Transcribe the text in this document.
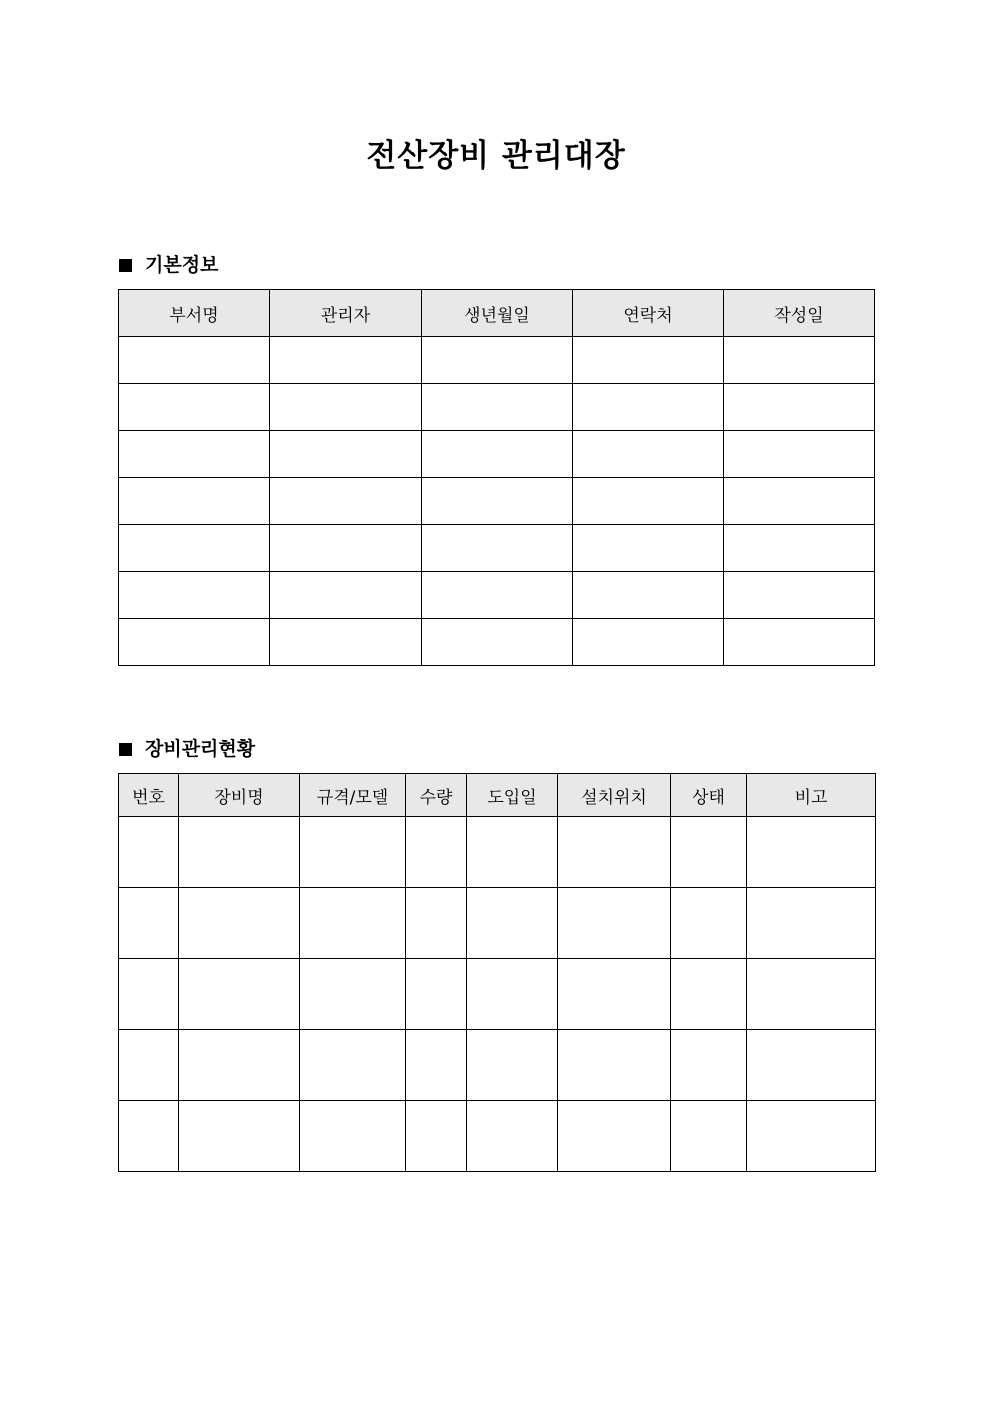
전산장비 관리대장
기본정보
부서명	관리자	생년월일	연락처	작성일

장비관리현황
번호	장비명	규격/모델	수량	도입일	설치위치	상태	비고
